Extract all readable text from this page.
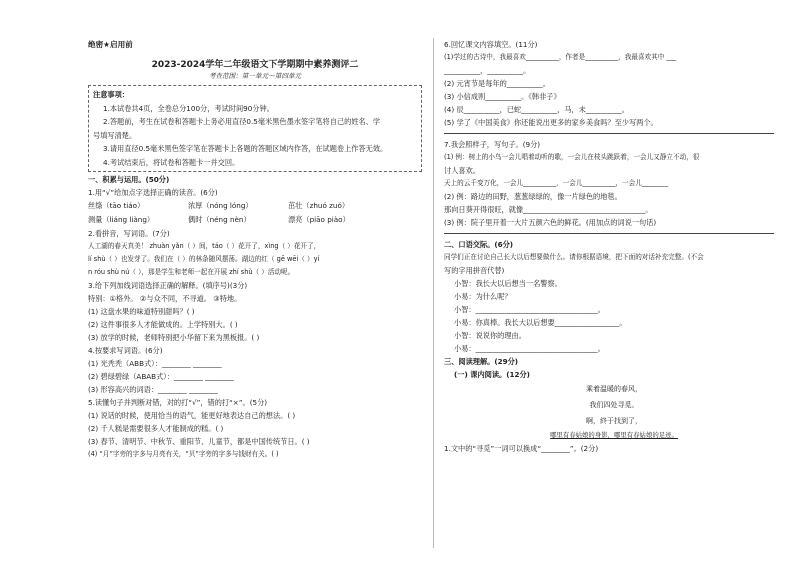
绝密★启用前
2023-2024学年二年级语文下学期期中素养测评二
考查范围：第一单元～第四单元
注意事项：
1.本试卷共4页，全卷总分100分，考试时间90分钟。
2.答题前，考生在试卷和答题卡上务必用直径0.5毫米黑色墨水签字笔将自己的姓名、学
号填写清楚。
3.请用直径0.5毫米黑色签字笔在答题卡上各题的答题区域内作答，在试题卷上作答无效。
4.考试结束后，将试卷和答题卡一并交回。
一、积累与运用。(50分)
1.用“√”给加点字选择正确的读音。(6分)
丝绦（tāo tiáo）	浓厚（nóng lóng）	茁壮（zhuó zuó）
测量（liáng liàng）	偶时（néng nèn）	漂亮（piāo piào）
2.看拼音，写词语。(7分)
人工湖的春天真美！ zhuàn yǎn（ ）间，táo（ ）花开了，xìng（ ）花开了，
lí shù（ ）也发芽了。我们在（ ）的林条随风摆荡。湖边的红（ gē wēi（ ）yí
n róu shù nú（ ），那是学生和老师一起在开展 zhí shù（ ）活动呢。
3.给下列加线词语选择正确的解释。(填序号)(3分)
特别：①格外。 ②与众不同，不寻道。 ③特地。
(1) 这盘水果的味道特别甜吗？( )
(2) 这件事很多人才能做成的。上学特别大。( )
(3) 放学的时候，老师特别把小华留下来为黑板报。( )
4.按要求写词语。(6分)
(1) 光秃秃（ABB式）：________ ________
(2) 碧绿碧绿（ABAB式）：________ ________
(3) 形容高兴的词语：________ ________
5.读懂句子并判断对错，对的打“√”，错的打“×”。(5分)
(1) 说话的时候，使用恰当的语气，能更好地表达自己的想法。( )
(2) 千人糕是需要很多人才能制成的糕。( )
(3) 春节、清明节、中秋节、重阳节、儿童节，都是中国传统节日。( )
(4) “月”字旁的字多与月亮有关，“贝”字旁的字多与钱财有关。( )
6.回忆课文内容填空。(11分)
(1)学过的古诗中，我最喜欢__________，作者是__________，我最喜欢其中 ___
__________，__________。
(2) 元宵节是每年的__________。
(3) 小信成则__________。《韩非子》
(4) 辰__________，已蛇__________，马，未__________。
(5) 学了《中国美食》你还能说出更多的家乡美食吗？至少写两个。
7.我会照样子，写句子。(9分)
(1) 例：树上的小鸟一会儿唱着动听的歌，一会儿在枝头跳跃着，一会儿又静立不动，很
讨人喜欢。
天上的云千变万化，一会儿__________，一会儿__________，一会儿________
(2) 例：路边的田野，葱葱绿绿的，像一片绿色的地毯。
那向日葵开得很旺，就像__________________________________。
(3) 例：院子里开着一大片五颜六色的鲜花。(用加点的词说一句话)
二、口语交际。(6分)
同学们正在讨论自己长大以后想要做什么。请你根据语境，把下面的对话补充完整。(不会
写的字用拼音代替)
小智：我长大以后想当一名警察。
小易：为什么呢？
小智：__________________________________。
小易：你真棒。我长大以后想要__________________。
小智：说说你的理由。
小易：__________________________________。
三、阅读理解。(29分)
(一) 课内阅读。(12分)
乘着温暖的春风，
我们四处寻觅。
啊，終于找到了，
哪里有春姑娘的身影，哪里有春姑娘的足迹。
1.文中的“寻觅”一词可以换成“________”。(2分)
